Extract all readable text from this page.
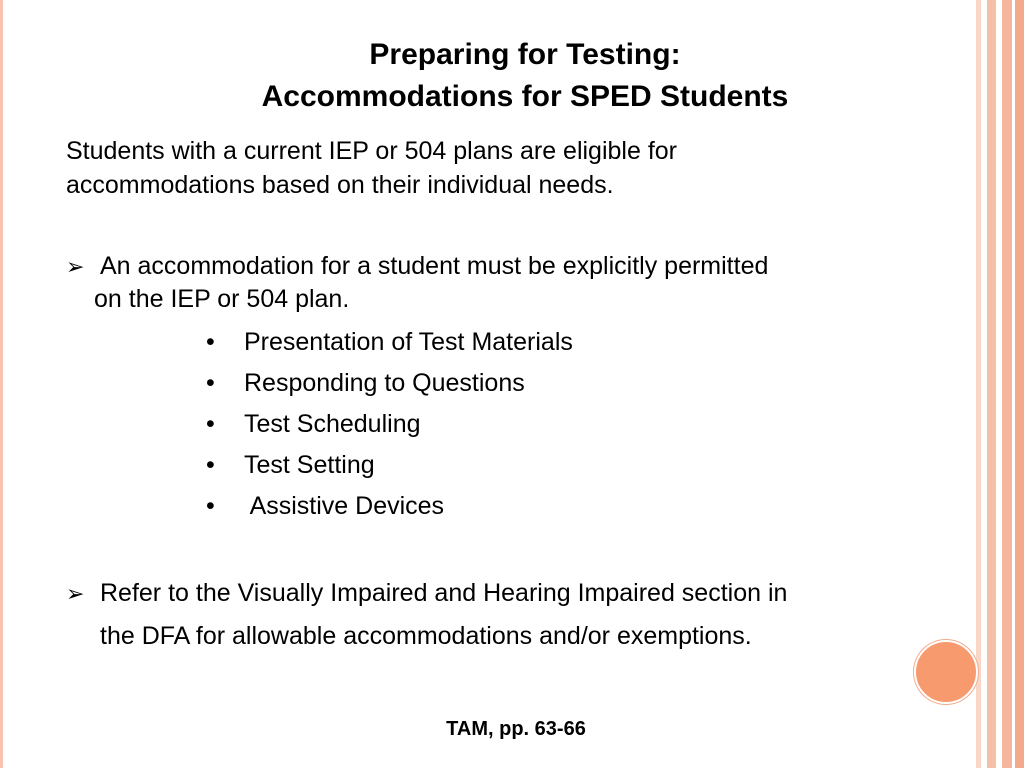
Preparing for Testing:
Accommodations for SPED Students
Students with a current IEP or 504 plans are eligible for
accommodations based on their individual needs.
➢ An accommodation for a student must be explicitly permitted
on the IEP or 504 plan.
• Presentation of Test Materials
• Responding to Questions
• Test Scheduling
• Test Setting
• Assistive Devices
➢ Refer to the Visually Impaired and Hearing Impaired section in
the DFA for allowable accommodations and/or exemptions.
TAM, pp. 63-66
